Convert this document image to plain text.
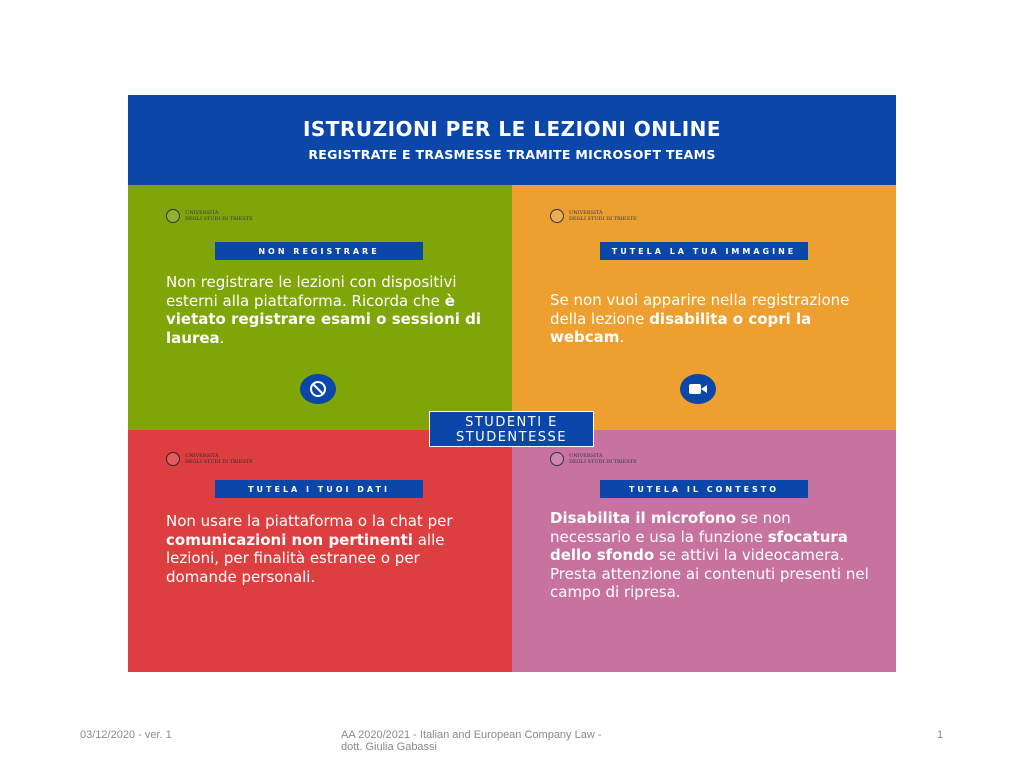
ISTRUZIONI PER LE LEZIONI ONLINE
REGISTRATE E TRASMESSE TRAMITE MICROSOFT TEAMS
UNIVERSITÀ
DEGLI STUDI DI TRIESTE
NON REGISTRARE
Non registrare le lezioni con dispositivi esterni alla piattaforma. Ricorda che è vietato registrare esami o sessioni di laurea.
UNIVERSITÀ
DEGLI STUDI DI TRIESTE
TUTELA LA TUA IMMAGINE
Se non vuoi apparire nella registrazione della lezione disabilita o copri la webcam.
UNIVERSITÀ
DEGLI STUDI DI TRIESTE
TUTELA I TUOI DATI
Non usare la piattaforma o la chat per comunicazioni non pertinenti alle lezioni, per finalità estranee o per domande personali.
UNIVERSITÀ
DEGLI STUDI DI TRIESTE
TUTELA IL CONTESTO
Disabilita il microfono se non necessario e usa la funzione sfocatura dello sfondo se attivi la videocamera. Presta attenzione ai contenuti presenti nel campo di ripresa.
STUDENTI E
STUDENTESSE
03/12/2020 - ver. 1	AA 2020/2021 - Italian and European Company Law -
dott. Giulia Gabassi
1
